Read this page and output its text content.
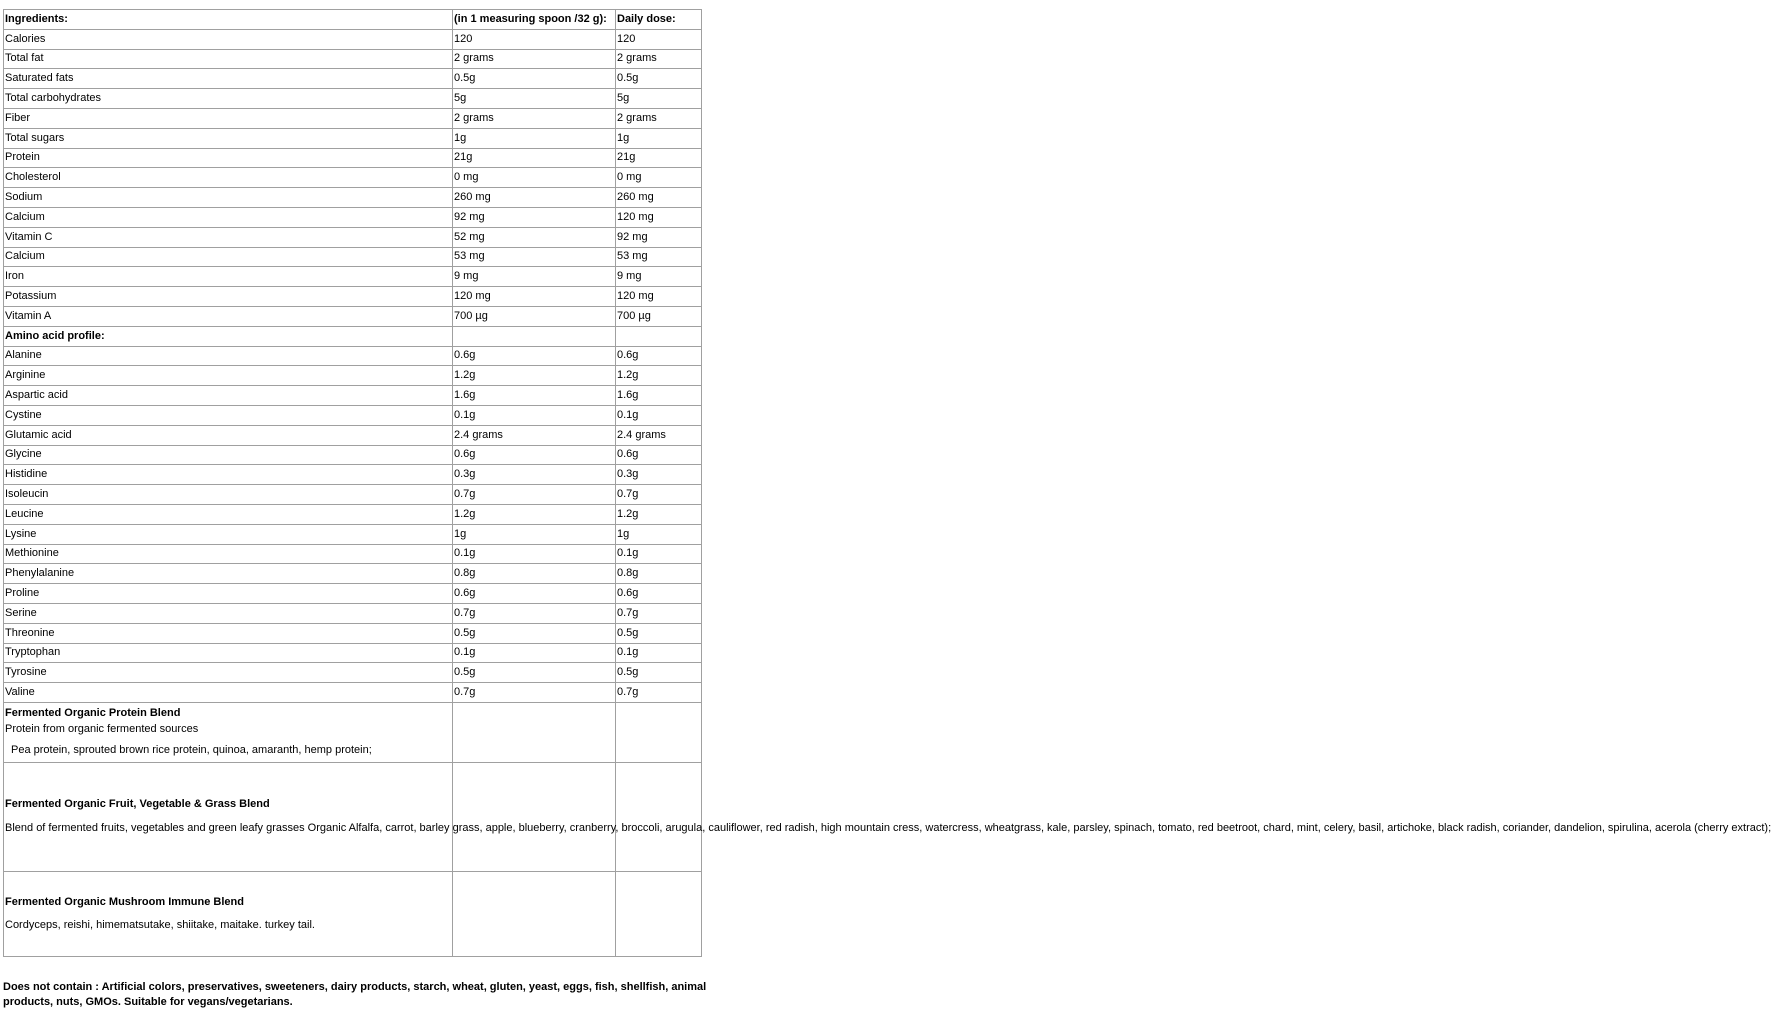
Ingredients:	(in 1 measuring spoon /32 g):	Daily dose:
Calories	120	120
Total fat	2 grams	2 grams
Saturated fats	0.5g	0.5g
Total carbohydrates	5g	5g
Fiber	2 grams	2 grams
Total sugars	1g	1g
Protein	21g	21g
Cholesterol	0 mg	0 mg
Sodium	260 mg	260 mg
Calcium	92 mg	120 mg
Vitamin C	52 mg	92 mg
Calcium	53 mg	53 mg
Iron	9 mg	9 mg
Potassium	120 mg	120 mg
Vitamin A	700 µg	700 µg
Amino acid profile:		
Alanine	0.6g	0.6g
Arginine	1.2g	1.2g
Aspartic acid	1.6g	1.6g
Cystine	0.1g	0.1g
Glutamic acid	2.4 grams	2.4 grams
Glycine	0.6g	0.6g
Histidine	0.3g	0.3g
Isoleucin	0.7g	0.7g
Leucine	1.2g	1.2g
Lysine	1g	1g
Methionine	0.1g	0.1g
Phenylalanine	0.8g	0.8g
Proline	0.6g	0.6g
Serine	0.7g	0.7g
Threonine	0.5g	0.5g
Tryptophan	0.1g	0.1g
Tyrosine	0.5g	0.5g
Valine	0.7g	0.7g

Fermented Organic Protein Blend
Protein from organic fermented sources
Pea protein, sprouted brown rice protein, quinoa, amaranth, hemp protein;		

Fermented Organic Fruit, Vegetable & Grass Blend
Blend of fermented fruits, vegetables and green leafy grasses Organic Alfalfa, carrot, barley grass, apple, blueberry, cranberry, broccoli, arugula, cauliflower, red radish, high mountain cress, watercress, wheatgrass, kale, parsley, spinach, tomato, red beetroot, chard, mint, celery, basil, artichoke, black radish, coriander, dandelion, spirulina, acerola (cherry extract);		

Fermented Organic Mushroom Immune Blend
Cordyceps, reishi, himematsutake, shiitake, maitake. turkey tail.		

Does not contain : Artificial colors, preservatives, sweeteners, dairy products, starch, wheat, gluten, yeast, eggs, fish, shellfish, animal products, nuts, GMOs. Suitable for vegans/vegetarians.
